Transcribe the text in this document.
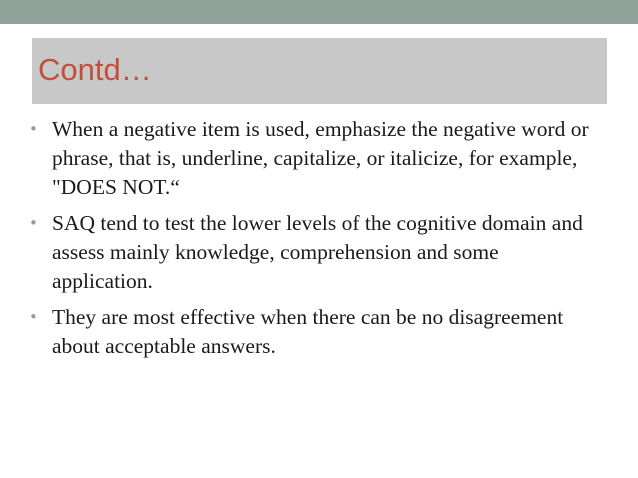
Contd…
• When a negative item is used, emphasize the negative word or phrase, that is, underline, capitalize, or italicize, for example, "DOES NOT.“
• SAQ tend to test the lower levels of the cognitive domain and assess mainly knowledge, comprehension and some application.
• They are most effective when there can be no disagreement about acceptable answers.
